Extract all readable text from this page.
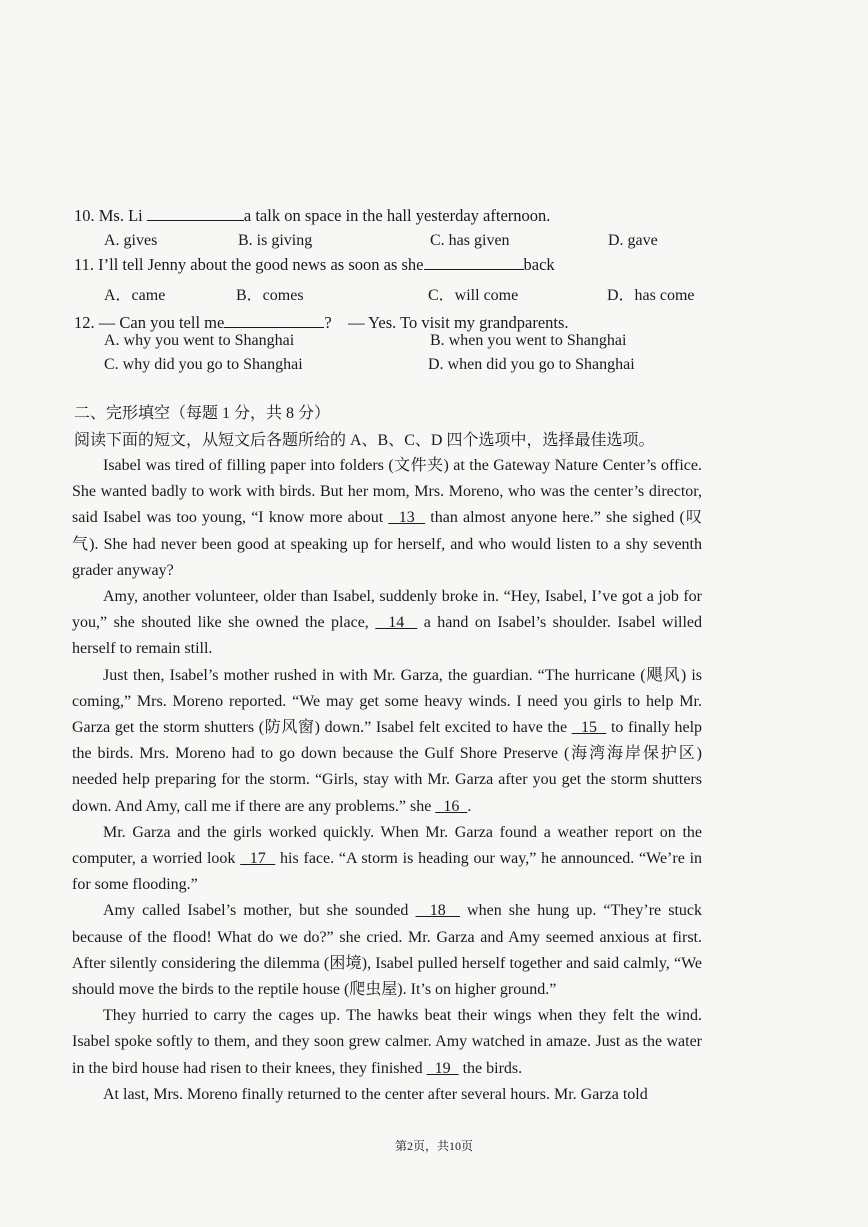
10. Ms. Li	a talk on space in the hall yesterday afternoon.
A. gives	B. is giving	C. has given	D. gave
11. I’ll tell Jenny about the good news as soon as she	back
A．came	B．comes	C．will come	D．has come
12. — Can you tell me	?　— Yes. To visit my grandparents.
A. why you went to Shanghai	B. when you went to Shanghai
C. why did you go to Shanghai	D. when did you go to Shanghai
二、完形填空（每题 1 分，共 8 分）
阅读下面的短文，从短文后各题所给的 A、B、C、D 四个选项中，选择最佳选项。

Isabel was tired of filling paper into folders (文件夹) at the Gateway Nature Center’s office. She wanted badly to work with birds. But her mom, Mrs. Moreno, who was the center’s director, said Isabel was too young, “I know more about   13   than almost anyone here.” she sighed (叹气). She had never been good at speaking up for herself, and who would listen to a shy seventh grader anyway?

Amy, another volunteer, older than Isabel, suddenly broke in. “Hey, Isabel, I’ve got a job for you,” she shouted like she owned the place,   14   a hand on Isabel’s shoulder. Isabel willed herself to remain still.

Just then, Isabel’s mother rushed in with Mr. Garza, the guardian. “The hurricane (飓风) is coming,” Mrs. Moreno reported. “We may get some heavy winds. I need you girls to help Mr. Garza get the storm shutters (防风窗) down.” Isabel felt excited to have the   15   to finally help the birds. Mrs. Moreno had to go down because the Gulf Shore Preserve (海湾海岸保护区) needed help preparing for the storm. “Girls, stay with Mr. Garza after you get the storm shutters down. And Amy, call me if there are any problems.” she   16  .

Mr. Garza and the girls worked quickly. When Mr. Garza found a weather report on the computer, a worried look   17   his face. “A storm is heading our way,” he announced. “We’re in for some flooding.”

Amy called Isabel’s mother, but she sounded   18   when she hung up. “They’re stuck because of the flood! What do we do?” she cried. Mr. Garza and Amy seemed anxious at first. After silently considering the dilemma (困境), Isabel pulled herself together and said calmly, “We should move the birds to the reptile house (爬虫屋). It’s on higher ground.”

They hurried to carry the cages up. The hawks beat their wings when they felt the wind. Isabel spoke softly to them, and they soon grew calmer. Amy watched in amaze. Just as the water in the bird house had risen to their knees, they finished   19   the birds.

At last, Mrs. Moreno finally returned to the center after several hours. Mr. Garza told

第2页，共10页
